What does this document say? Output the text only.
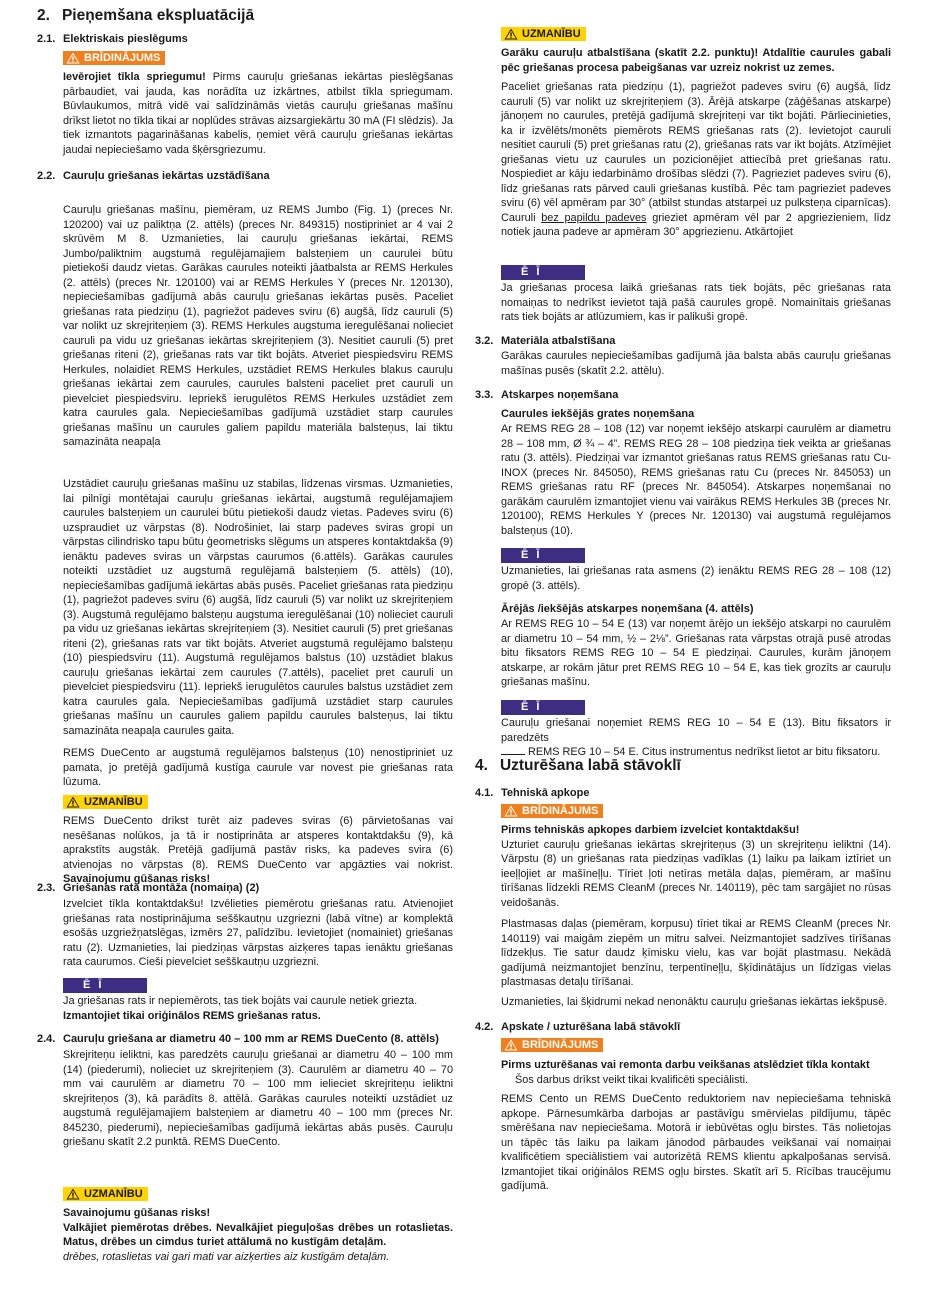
2. Pieņemšana ekspluatācijā
2.1. Elektriskais pieslēgums
BRĪDINĀJUMS

Ievērojiet tīkla spriegumu! Pirms cauruļu griešanas iekārtas pieslēgšanas pārbaudiet, vai jauda, kas norādīta uz izkārtnes, atbilst tīkla spriegumam. Būvlaukumos, mitrā vidē vai salīdzināmās vietās cauruļu griešanas mašīnu drīkst lietot no tīkla tikai ar noplūdes strāvas aizsargiekārtu 30 mA (FI slēdzis). Ja tiek izmantots pagarināšanas kabelis, ņemiet vērā cauruļu griešanas iekārtas jaudai nepieciešamo vada šķērsgriezumu.

2.2. Cauruļu griešanas iekārtas uzstādīšana

Cauruļu griešanas mašīnu, piemēram, uz REMS Jumbo (Fig. 1) (preces Nr. 120200) vai uz paliktņa (2. attēls) (preces Nr. 849315) nostipriniet ar 4 vai 2 skrūvēm M 8. Uzmanieties, lai cauruļu griešanas iekārtai, REMS Jumbo/paliktnim augstumā regulējamajiem balsteņiem un caurulei būtu pietiekoši daudz vietas. Garākas caurules noteikti jāatbalsta ar REMS Herkules (2. attēls) (preces Nr. 120100) vai ar REMS Herkules Y (preces Nr. 120130), nepieciešamības gadījumā abās cauruļu griešanas iekārtas pusēs. Paceliet griešanas rata piedziņu (1), pagriežot padeves sviru (6) augšā, līdz cauruli (5) var nolikt uz skrejriteņiem (3). REMS Herkules augstuma ieregulēšanai nolieciet cauruli pa vidu uz griešanas iekārtas skrejriteņiem (3). Nesitiet cauruli (5) pret griešanas riteni (2), griešanas rats var tikt bojāts. Atveriet piespiedsviru REMS Herkules, nolaidiet REMS Herkules, uzstādiet REMS Herkules blakus cauruļu griešanas iekārtai zem caurules, caurules balsteni paceliet pret cauruli un pievelciet piespiedsviru. Iepriekš ierugulētos REMS Herkules uzstādiet zem katra caurules gala. Nepieciešamības gadījumā uzstādiet starp caurules griešanas mašīnu un caurules galiem papildu materiāla balsteņus, lai tiktu samazināta neapaļa

Uzstādiet cauruļu griešanas mašīnu uz stabilas, līdzenas virsmas. Uzmanieties, lai pilnīgi montētajai cauruļu griešanas iekārtai, augstumā regulējamajiem caurules balsteņiem un caurulei būtu pietiekoši daudz vietas. Padeves sviru (6) uzspraudiet uz vārpstas (8). Nodrošiniet, lai starp padeves sviras gropi un vārpstas cilindrisko tapu būtu ģeometrisks slēgums un atsperes kontaktdakša (9) ienāktu padeves sviras un vārpstas caurumos (6.attēls). Garākas caurules noteikti uzstādiet uz augstumā regulējamā balsteņiem (5. attēls) (10), nepieciešamības gadījumā iekārtas abās pusēs. Paceliet griešanas rata piedziņu (1), pagriežot padeves sviru (6) augšā, līdz cauruli (5) var nolikt uz skrejriteņiem (3). Augstumā regulējamo balsteņu augstuma ieregulēšanai (10) nolieciet cauruli pa vidu uz griešanas iekārtas skrejriteņiem (3). Nesitiet cauruli (5) pret griešanas riteni (2), griešanas rats var tikt bojāts. Atveriet augstumā regulējamo balsteņu (10) piespiedsviru (11). Augstumā regulējamos balstus (10) uzstādiet blakus cauruļu griešanas iekārtai zem caurules (7.attēls), paceliet pret cauruli un pievelciet piespiedsviru (11). Iepriekš ierugulētos caurules balstus uzstādiet zem katra caurules gala. Nepieciešamības gadījumā uzstādiet starp caurules griešanas mašīnu un caurules galiem papildu caurules balsteņus, lai tiktu samazināta neapaļa caurules gaita.

REMS DueCento ar augstumā regulējamos balsteņus (10) nenostipriniet uz pamata, jo pretējā gadījumā kustīga caurule var novest pie griešanas rata lūzuma.

UZMANĪBU

REMS DueCento drīkst turēt aiz padeves sviras (6) pārvietošanas vai nesēšanas nolūkos, ja tā ir nostiprināta ar atsperes kontaktdakšu (9), kā aprakstīts augstāk. Pretējā gadījumā pastāv risks, ka padeves svira (6) atvienojas no vārpstas (8). REMS DueCento var apgāzties vai nokrist. Savainojumu gūšanas risks!

2.3. Griešanas rata montāža (nomaiņa) (2)

Izvelciet tīkla kontaktdakšu! Izvēlieties piemērotu griešanas ratu. Atvienojiet griešanas rata nostiprinājuma sešškautņu uzgriezni (labā vītne) ar komplektā esošās uzgriežņatslēgas, izmērs 27, palīdzību. Ievietojiet (nomainiet) griešanas ratu (2). Uzmanieties, lai piedziņas vārpstas aizķeres tapas ienāktu griešanas rata caurumos. Cieši pievelciet sešškautņu uzgriezni.

ĒĪ

Ja griešanas rats ir nepiemērots, tas tiek bojāts vai caurule netiek griezta.
Izmantojiet tikai oriģinālos REMS griešanas ratus.

2.4. Cauruļu griešana ar diametru 40 – 100 mm ar REMS DueCento (8. attēls)

Skrejriteņu ieliktni, kas paredzēts cauruļu griešanai ar diametru 40 – 100 mm (14) (piederumi), nolieciet uz skrejriteņiem (3). Caurulēm ar diametru 40 – 70 mm vai caurulēm ar diametru 70 – 100 mm ielieciet skrejriteņu ieliktni skrejriteņos (3), kā parādīts 8. attēlā. Garākas caurules noteikti uzstādiet uz augstumā regulējamajiem balsteņiem ar diametru 40 – 100 mm (preces Nr. 845230, piederumi), nepieciešamības gadījumā iekārtas abās pusēs. Cauruļu griešanu skatīt 2.2 punktā. REMS DueCento.

UZMANĪBU

Savainojumu gūšanas risks!
Valkājiet piemērotas drēbes. Nevalkājiet pieguļošas drēbes un rotaslietas. Matus, drēbes un cimdus turiet attālumā no kustīgām detaļām.
drēbes, rotaslietas vai gari mati var aizķerties aiz kustīgām detaļām.

UZMANĪBU

Garāku cauruļu atbalstīšana (skatīt 2.2. punktu)! Atdalītie caurules gabali pēc griešanas procesa pabeigšanas var uzreiz nokrist uz zemes.

Paceliet griešanas rata piedziņu (1), pagriežot padeves sviru (6) augšā, līdz cauruli (5) var nolikt uz skrejriteņiem (3). Ārējā atskarpe (zāģēšanas atskarpe) jānoņem no caurules, pretējā gadījumā skrejriteņi var tikt bojāti. Pārliecinieties, ka ir izvēlēts/monēts piemērots REMS griešanas rats (2). Ievietojot cauruli nesitiet cauruli (5) pret griešanas ratu (2), griešanas rats var ikt bojāts. Atzīmējiet griešanas vietu uz caurules un pozicionējiet attiecībā pret griešanas ratu. Nospiediet ar kāju iedarbināmo drošības slēdzi (7). Pagrieziet padeves sviru (6), līdz griešanas rats pārved cauli griešanas kustībā. Pēc tam pagrieziet padeves sviru (6) vēl apmēram par 30° (atbilst stundas atstarpei uz pulksteņa ciparnīcas). Cauruli bez papildu padeves grieziet apmēram vēl par 2 apgriezieniem, līdz notiek jauna padeve ar apmēram 30° apgriezienu. Atkārtojiet

ĒĪ

Ja griešanas procesa laikā griešanas rats tiek bojāts, pēc griešanas rata nomaiņas to nedrīkst ievietot tajā pašā caurules gropē. Nomainītais griešanas rats tiek bojāts ar atlūzumiem, kas ir palikuši gropē.

3.2. Materiāla atbalstīšana

Garākas caurules nepieciešamības gadījumā jāa balsta abās cauruļu griešanas mašīnas pusēs (skatīt 2.2. attēlu).

3.3. Atskarpes noņemšana

Caurules iekšējās grates noņemšana

Ar REMS REG 28 – 108 (12) var noņemt iekšējo atskarpi caurulēm ar diametru 28 – 108 mm, Ø ¾ – 4”. REMS REG 28 – 108 piedziņa tiek veikta ar griešanas ratu (3. attēls). Piedziņai var izmantot griešanas ratus REMS griešanas ratu Cu-INOX (preces Nr. 845050), REMS griešanas ratu Cu (preces Nr. 845053) un REMS griešanas ratu RF (preces Nr. 845054). Atskarpes noņemšanai no garākām caurulēm izmantojiet vienu vai vairākus REMS Herkules 3B (preces Nr. 120100), REMS Herkules Y (preces Nr. 120130) vai augstumā regulējamos balsteņus (10).

ĒĪ

Uzmanieties, lai griešanas rata asmens (2) ienāktu REMS REG 28 – 108 (12) gropē (3. attēls).

Ārējās /iekšējās atskarpes noņemšana (4. attēls)

Ar REMS REG 10 – 54 E (13) var noņemt ārējo un iekšējo atskarpi no caurulēm ar diametru 10 – 54 mm, ½ – 2⅛”. Griešanas rata vārpstas otrajā pusē atrodas bitu fiksators REMS REG 10 – 54 E piedziņai. Caurules, kurām jānoņem atskarpe, ar rokām jātur pret REMS REG 10 – 54 E, kas tiek grozīts ar cauruļu griešanas mašīnu.

ĒĪ

Cauruļu griešanai noņemiet REMS REG 10 – 54 E (13). Bitu fiksators ir paredzēts
REMS REG 10 – 54 E. Citus instrumentus nedrīkst lietot ar bitu fiksatoru.

4. Uzturēšana labā stāvoklī
4.1. Tehniskā apkope
BRĪDINĀJUMS

Pirms tehniskās apkopes darbiem izvelciet kontaktdakšu!
Uzturiet cauruļu griešanas iekārtas skrejriteņus (3) un skrejriteņu ieliktni (14). Vārpstu (8) un griešanas rata piedziņas vadīklas (1) laiku pa laikam iztīriet un ieeļļojiet ar mašīneļļu. Tīriet ļoti netīras metāla daļas, piemēram, ar mašīnu tīrīšanas līdzekli REMS CleanM (preces Nr. 140119), pēc tam sargājiet no rūsas veidošanās.

Plastmasas daļas (piemēram, korpusu) tīriet tikai ar REMS CleanM (preces Nr. 140119) vai maigām ziepēm un mitru salvei. Neizmantojiet sadzīves tīrīšanas līdzekļus. Tie satur daudz ķīmisku vielu, kas var bojāt plastmasu. Nekādā gadījumā neizmantojiet benzīnu, terpentīneļļu, šķīdinātājus un līdzīgas vielas plastmasas detaļu tīrīšanai.

Uzmanieties, lai šķidrumi nekad nenonāktu cauruļu griešanas iekārtas iekšpusē.

4.2. Apskate / uzturēšana labā stāvoklī
BRĪDINĀJUMS

Pirms uzturēšanas vai remonta darbu veikšanas atslēdziet tīkla kontakt
Šos darbus drīkst veikt tikai kvalificēti speciālisti.

REMS Cento un REMS DueCento reduktoriem nav nepieciešama tehniskā apkope. Pārnesumkārba darbojas ar pastāvīgu smērvielas pildījumu, tāpēc smērēšana nav nepieciešama. Motorā ir iebūvētas ogļu birstes. Tās nolietojas un tāpēc tās laiku pa laikam jānodod pārbaudes veikšanai vai nomaiņai kvalificētiem speciālistiem vai autorizētā REMS klientu apkalpošanas servisā. Izmantojiet tikai oriģinālos REMS ogļu birstes. Skatīt arī 5. Rīcības traucējumu gadījumā.
